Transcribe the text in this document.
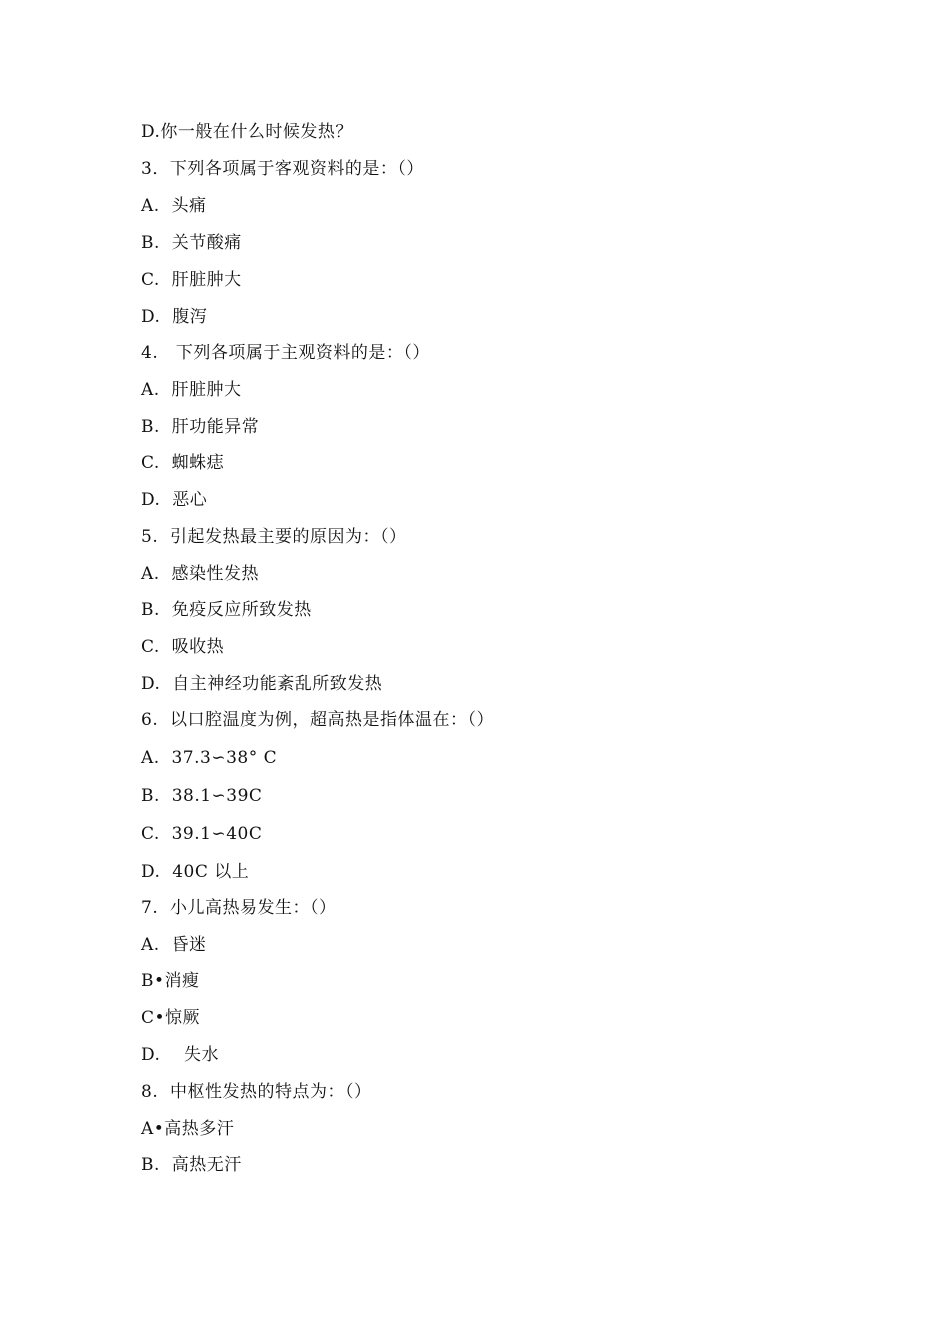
D.你一般在什么时候发热？
3．下列各项属于客观资料的是：（）
A.  头痛
B.  关节酸痛
C.  肝脏肿大
D.  腹泻
4.   下列各项属于主观资料的是：（）
A.  肝脏肿大
B.  肝功能异常
C.  蜘蛛痣
D.  恶心
5.  引起发热最主要的原因为：（）
A.  感染性发热
B.  免疫反应所致发热
C.  吸收热
D.  自主神经功能紊乱所致发热
6.  以口腔温度为例，超高热是指体温在：（）
A.  37.3∽38° C
B.  38.1∽39C
C.  39.1∽40C
D.  40C 以上
7.  小儿高热易发生：（）
A.  昏迷
B•消瘦
C•惊厥
D.    失水
8.  中枢性发热的特点为：（）
A•高热多汗
B.  高热无汗
